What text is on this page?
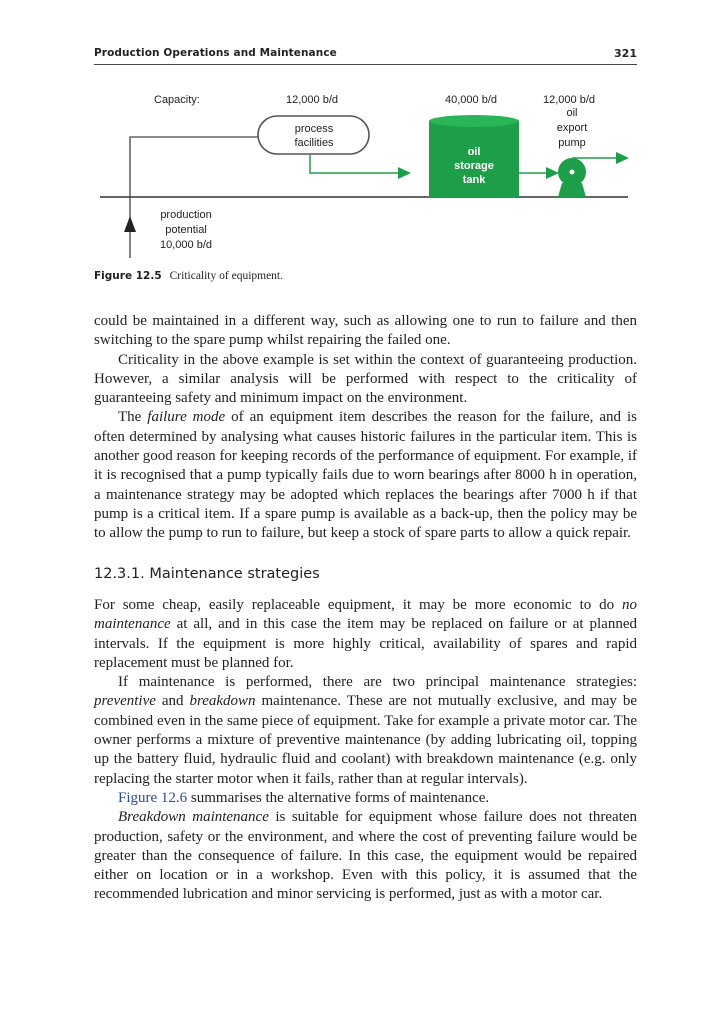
Production Operations and Maintenance	321
Capacity:	12,000 b/d	40,000 b/d	12,000 b/d
process
facilities
oil
storage
tank
oil
export
pump
production
potential
10,000 b/d
Figure 12.5 Criticality of equipment.

could be maintained in a different way, such as allowing one to run to failure and then switching to the spare pump whilst repairing the failed one.

Criticality in the above example is set within the context of guaranteeing production. However, a similar analysis will be performed with respect to the criticality of guaranteeing safety and minimum impact on the environment.

The failure mode of an equipment item describes the reason for the failure, and is often determined by analysing what causes historic failures in the particular item. This is another good reason for keeping records of the performance of equipment. For example, if it is recognised that a pump typically fails due to worn bearings after 8000 h in operation, a maintenance strategy may be adopted which replaces the bearings after 7000 h if that pump is a critical item. If a spare pump is available as a back-up, then the policy may be to allow the pump to run to failure, but keep a stock of spare parts to allow a quick repair.

12.3.1. Maintenance strategies

For some cheap, easily replaceable equipment, it may be more economic to do no maintenance at all, and in this case the item may be replaced on failure or at planned intervals. If the equipment is more highly critical, availability of spares and rapid replacement must be planned for.

If maintenance is performed, there are two principal maintenance strategies: preventive and breakdown maintenance. These are not mutually exclusive, and may be combined even in the same piece of equipment. Take for example a private motor car. The owner performs a mixture of preventive maintenance (by adding lubricating oil, topping up the battery fluid, hydraulic fluid and coolant) with breakdown maintenance (e.g. only replacing the starter motor when it fails, rather than at regular intervals).

Figure 12.6 summarises the alternative forms of maintenance.

Breakdown maintenance is suitable for equipment whose failure does not threaten production, safety or the environment, and where the cost of preventing failure would be greater than the consequence of failure. In this case, the equipment would be repaired either on location or in a workshop. Even with this policy, it is assumed that the recommended lubrication and minor servicing is performed, just as with a motor car.
